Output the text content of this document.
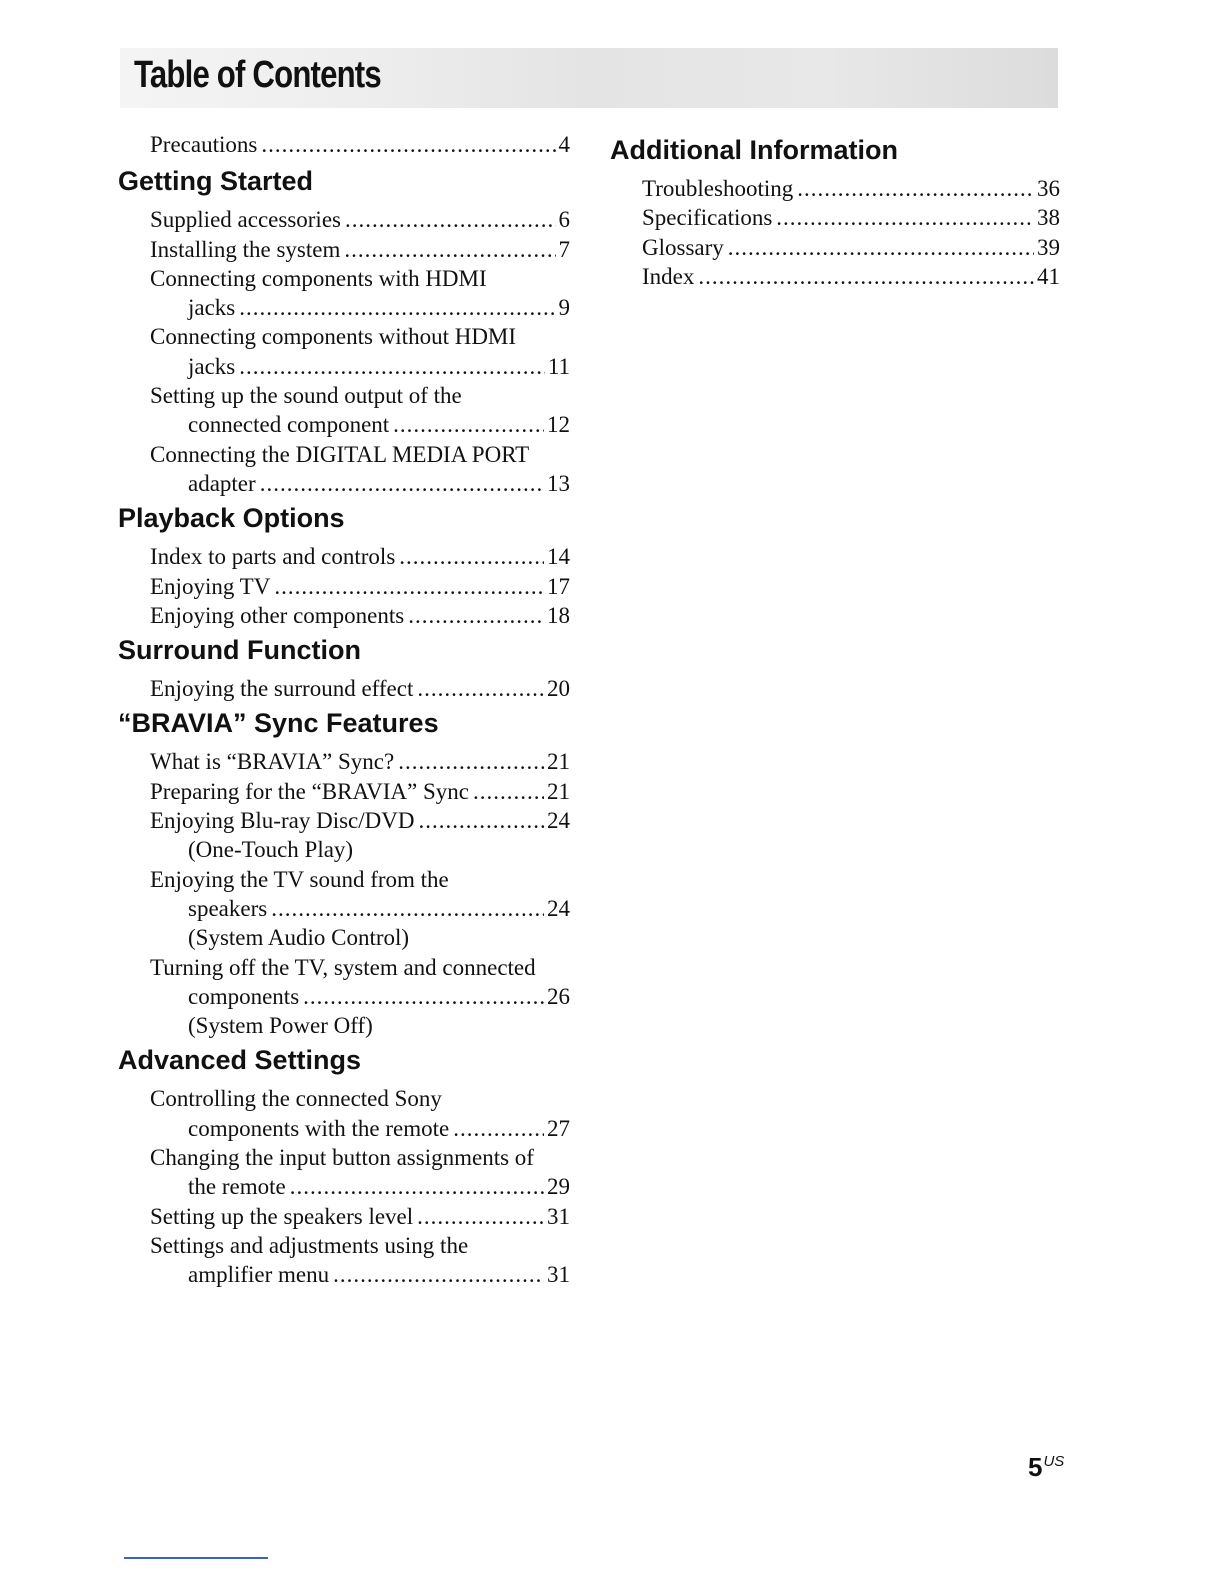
Table of Contents
Precautions .....	4
Getting Started
Supplied accessories .....	6
Installing the system .....	7
Connecting components with HDMI
jacks .....	9
Connecting components without HDMI
jacks .....	11
Setting up the sound output of the
connected component .....	12
Connecting the DIGITAL MEDIA PORT
adapter .....	13
Playback Options
Index to parts and controls .....	14
Enjoying TV .....	17
Enjoying other components .....	18
Surround Function
Enjoying the surround effect .....	20
“BRAVIA” Sync Features
What is “BRAVIA” Sync? .....	21
Preparing for the “BRAVIA” Sync .....	21
Enjoying Blu-ray Disc/DVD .....	24
(One-Touch Play)
Enjoying the TV sound from the
speakers .....	24
(System Audio Control)
Turning off the TV, system and connected
components .....	26
(System Power Off)
Advanced Settings
Controlling the connected Sony
components with the remote .....	27
Changing the input button assignments of
the remote .....	29
Setting up the speakers level .....	31
Settings and adjustments using the
amplifier menu .....	31
Additional Information
Troubleshooting .....	36
Specifications .....	38
Glossary .....	39
Index .....	41
$5^{US}$
